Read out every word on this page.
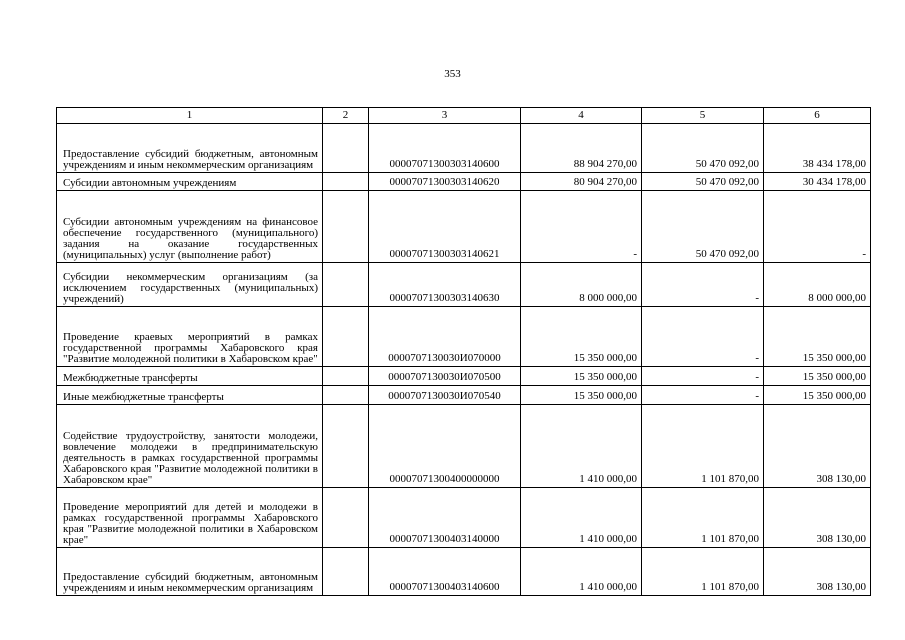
353
1	2	3	4	5	6
Предоставление субсидий бюджетным, автономным учреждениям и иным некоммерческим организациям		00007071300303140600	88 904 270,00	50 470 092,00	38 434 178,00
Субсидии автономным учреждениям		00007071300303140620	80 904 270,00	50 470 092,00	30 434 178,00
Субсидии автономным учреждениям на финансовое обеспечение государственного (муниципального) задания на оказание государственных (муниципальных) услуг (выполнение работ)		00007071300303140621	-	50 470 092,00	-
Субсидии некоммерческим организациям (за исключением государственных (муниципальных) учреждений)		00007071300303140630	8 000 000,00	-	8 000 000,00
Проведение краевых мероприятий в рамках государственной программы Хабаровского края "Развитие молодежной политики в Хабаровском крае"		0000707130030И070000	15 350 000,00	-	15 350 000,00
Межбюджетные трансферты		0000707130030И070500	15 350 000,00	-	15 350 000,00
Иные межбюджетные трансферты		0000707130030И070540	15 350 000,00	-	15 350 000,00
Содействие трудоустройству, занятости молодежи, вовлечение молодежи в предпринимательскую деятельность в рамках государственной программы Хабаровского края "Развитие молодежной политики в Хабаровском крае"		00007071300400000000	1 410 000,00	1 101 870,00	308 130,00
Проведение мероприятий для детей и молодежи в рамках государственной программы Хабаровского края "Развитие молодежной политики в Хабаровском крае"		00007071300403140000	1 410 000,00	1 101 870,00	308 130,00
Предоставление субсидий бюджетным, автономным учреждениям и иным некоммерческим организациям		00007071300403140600	1 410 000,00	1 101 870,00	308 130,00
